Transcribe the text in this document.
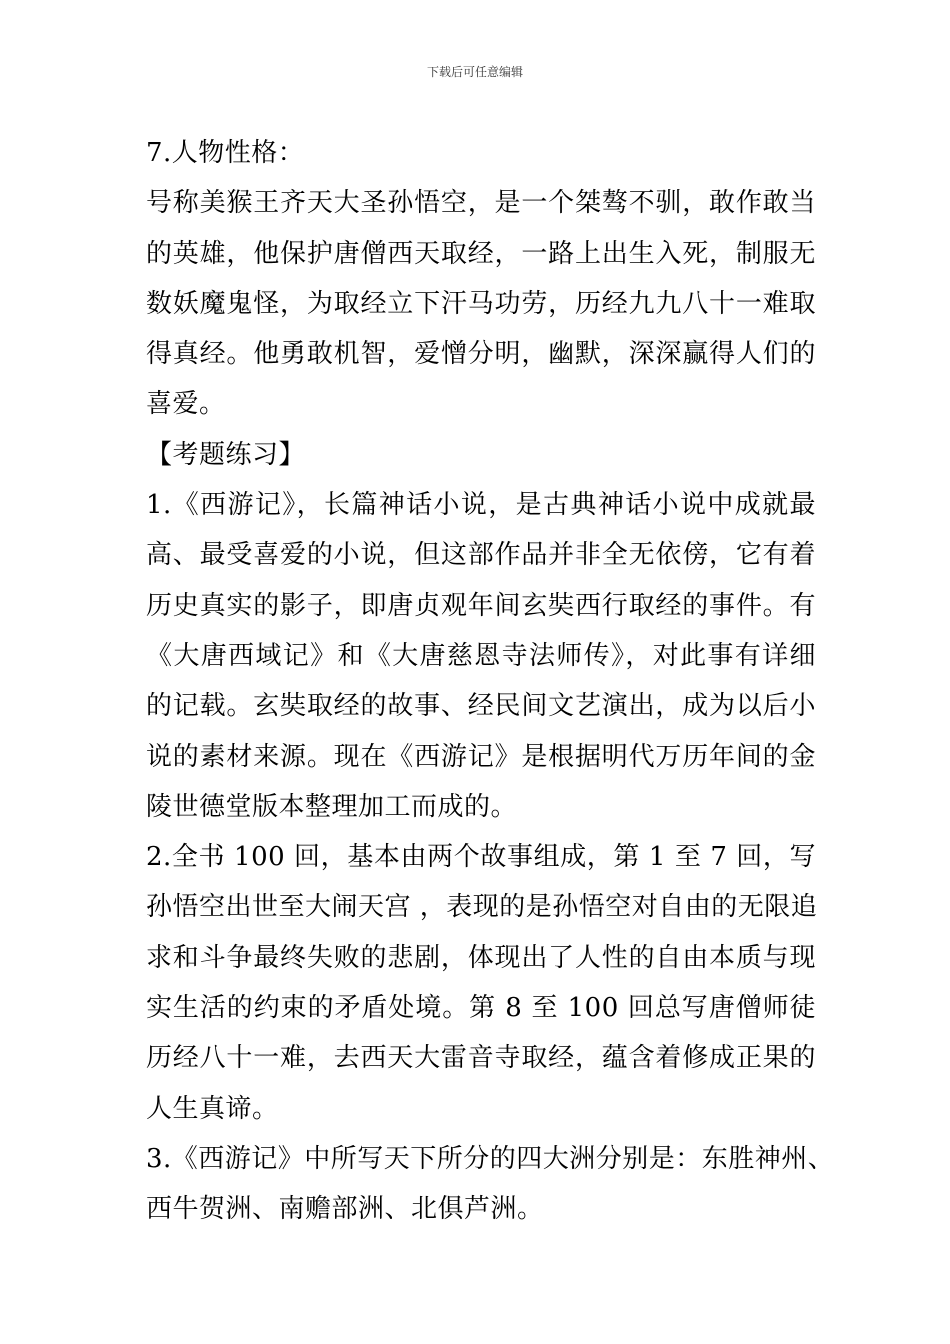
下载后可任意编辑
7.人物性格：
号称美猴王齐天大圣孙悟空，是一个桀骜不驯，敢作敢当
的英雄，他保护唐僧西天取经，一路上出生入死，制服无
数妖魔鬼怪，为取经立下汗马功劳，历经九九八十一难取
得真经。他勇敢机智，爱憎分明，幽默，深深赢得人们的
喜爱。
【考题练习】
1.《西游记》，长篇神话小说，是古典神话小说中成就最
高、最受喜爱的小说，但这部作品并非全无依傍，它有着
历史真实的影子，即唐贞观年间玄奘西行取经的事件。有
《大唐西域记》和《大唐慈恩寺法师传》，对此事有详细
的记载。玄奘取经的故事、经民间文艺演出，成为以后小
说的素材来源。现在《西游记》是根据明代万历年间的金
陵世德堂版本整理加工而成的。
2.全书 100 回，基本由两个故事组成，第 1 至 7 回，写
孙悟空出世至大闹天宫 ，表现的是孙悟空对自由的无限追
求和斗争最终失败的悲剧，体现出了人性的自由本质与现
实生活的约束的矛盾处境。第 8 至 100 回总写唐僧师徒
历经八十一难，去西天大雷音寺取经，蕴含着修成正果的
人生真谛。
3.《西游记》中所写天下所分的四大洲分别是：东胜神州、
西牛贺洲、南赡部洲、北俱芦洲。
